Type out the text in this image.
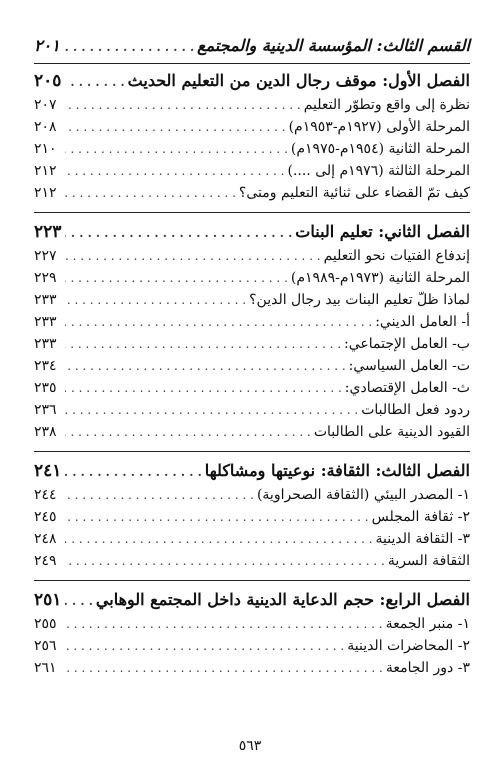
القسم الثالث: المؤسسة الدينية والمجتمع
. . .
٢٠١
الفصل الأول: موقف رجال الدين من التعليم الحديث
. . .
٢٠٥
نظرة إلى واقع وتطوّر التعليم
. . .
٢٠٧
المرحلة الأولى (١٩٢٧م-١٩٥٣م)
. . .
٢٠٨
المرحلة الثانية (١٩٥٤م-١٩٧٥م)
. . .
٢١٠
المرحلة الثالثة (١٩٧٦م إلى ....)
. . .
٢١٢
كيف تمّ القضاء على ثنائية التعليم ومتى؟
. . .
٢١٢
الفصل الثاني: تعليم البنات
. . .
٢٢٣
إندفاع الفتيات نحو التعليم
. . .
٢٢٧
المرحلة الثانية (١٩٧٣م-١٩٨٩م)
. . .
٢٢٩
لماذا ظلّ تعليم البنات بيد رجال الدين؟
. . .
٢٣٣
أ- العامل الديني:
. . .
٢٣٣
ب- العامل الإجتماعي:
. . .
٢٣٣
ت- العامل السياسي:
. . .
٢٣٤
ث- العامل الإقتصادي:
. . .
٢٣٥
ردود فعل الطالبات
. . .
٢٣٦
القيود الدينية على الطالبات
. . .
٢٣٨
الفصل الثالث: الثقافة: نوعيتها ومشاكلها
. . .
٢٤١
١- المصدر البيئي (الثقافة الصحراوية)
. . .
٢٤٤
٢- ثقافة المجلس
. . .
٢٤٥
٣- الثقافة الدينية
. . .
٢٤٨
الثقافة السرية
. . .
٢٤٩
الفصل الرابع: حجم الدعاية الدينية داخل المجتمع الوهابي
. . .
٢٥١
١- منبر الجمعة
. . .
٢٥٥
٢- المحاضرات الدينية
. . .
٢٥٦
٣- دور الجامعة
. . .
٢٦١
٥٦٣
